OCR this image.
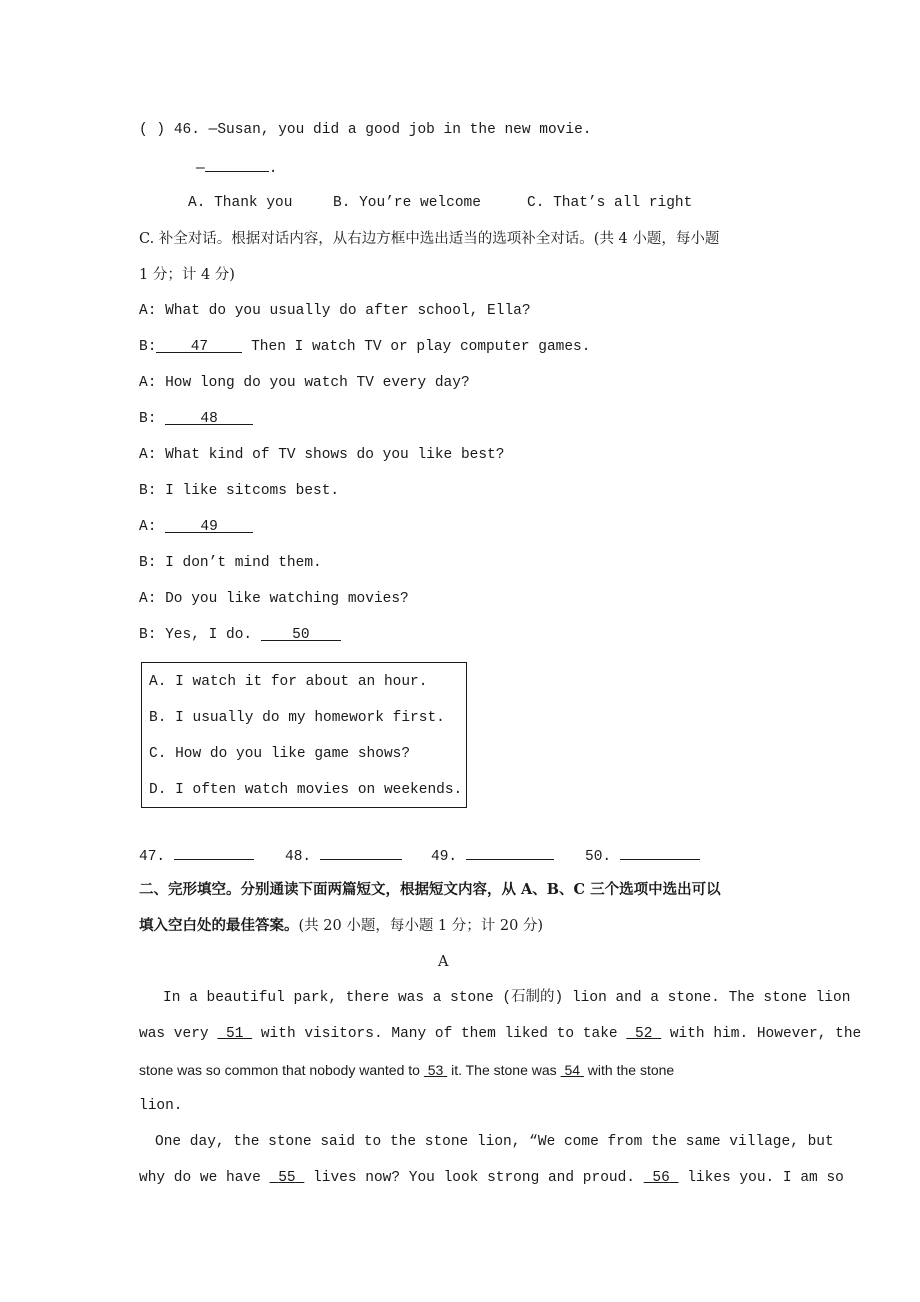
( ) 46. —Susan, you did a good job in the new movie.
—	.
A. Thank you	B. You’re welcome	C. That’s all right
C. 补全对话。根据对话内容，从右边方框中选出适当的选项补全对话。(共 4 小题，每小题
1 分；计 4 分)
A: What do you usually do after school, Ella?
B: 47	Then I watch TV or play computer games.
A: How long do you watch TV every day?
B:	48
A: What kind of TV shows do you like best?
B: I like sitcoms best.
A:	49
B: I don’t mind them.
A: Do you like watching movies?
B: Yes, I do.	50
A. I watch it for about an hour.
B. I usually do my homework first.
C. How do you like game shows?
D. I often watch movies on weekends.
47.	48.	49.	50.
二、完形填空。分别通读下面两篇短文，根据短文内容，从 A、B、C 三个选项中选出可以
填入空白处的最佳答案。(共 20 小题，每小题 1 分；计 20 分)
A
In a beautiful park, there was a stone (石制的) lion and a stone. The stone lion
was very  51  with visitors. Many of them liked to take  52  with him. However, the
stone was so common that nobody wanted to  53  it. The stone was  54  with the stone
lion.
One day, the stone said to the stone lion, “We come from the same village, but
why do we have  55  lives now? You look strong and proud.  56  likes you. I am so
